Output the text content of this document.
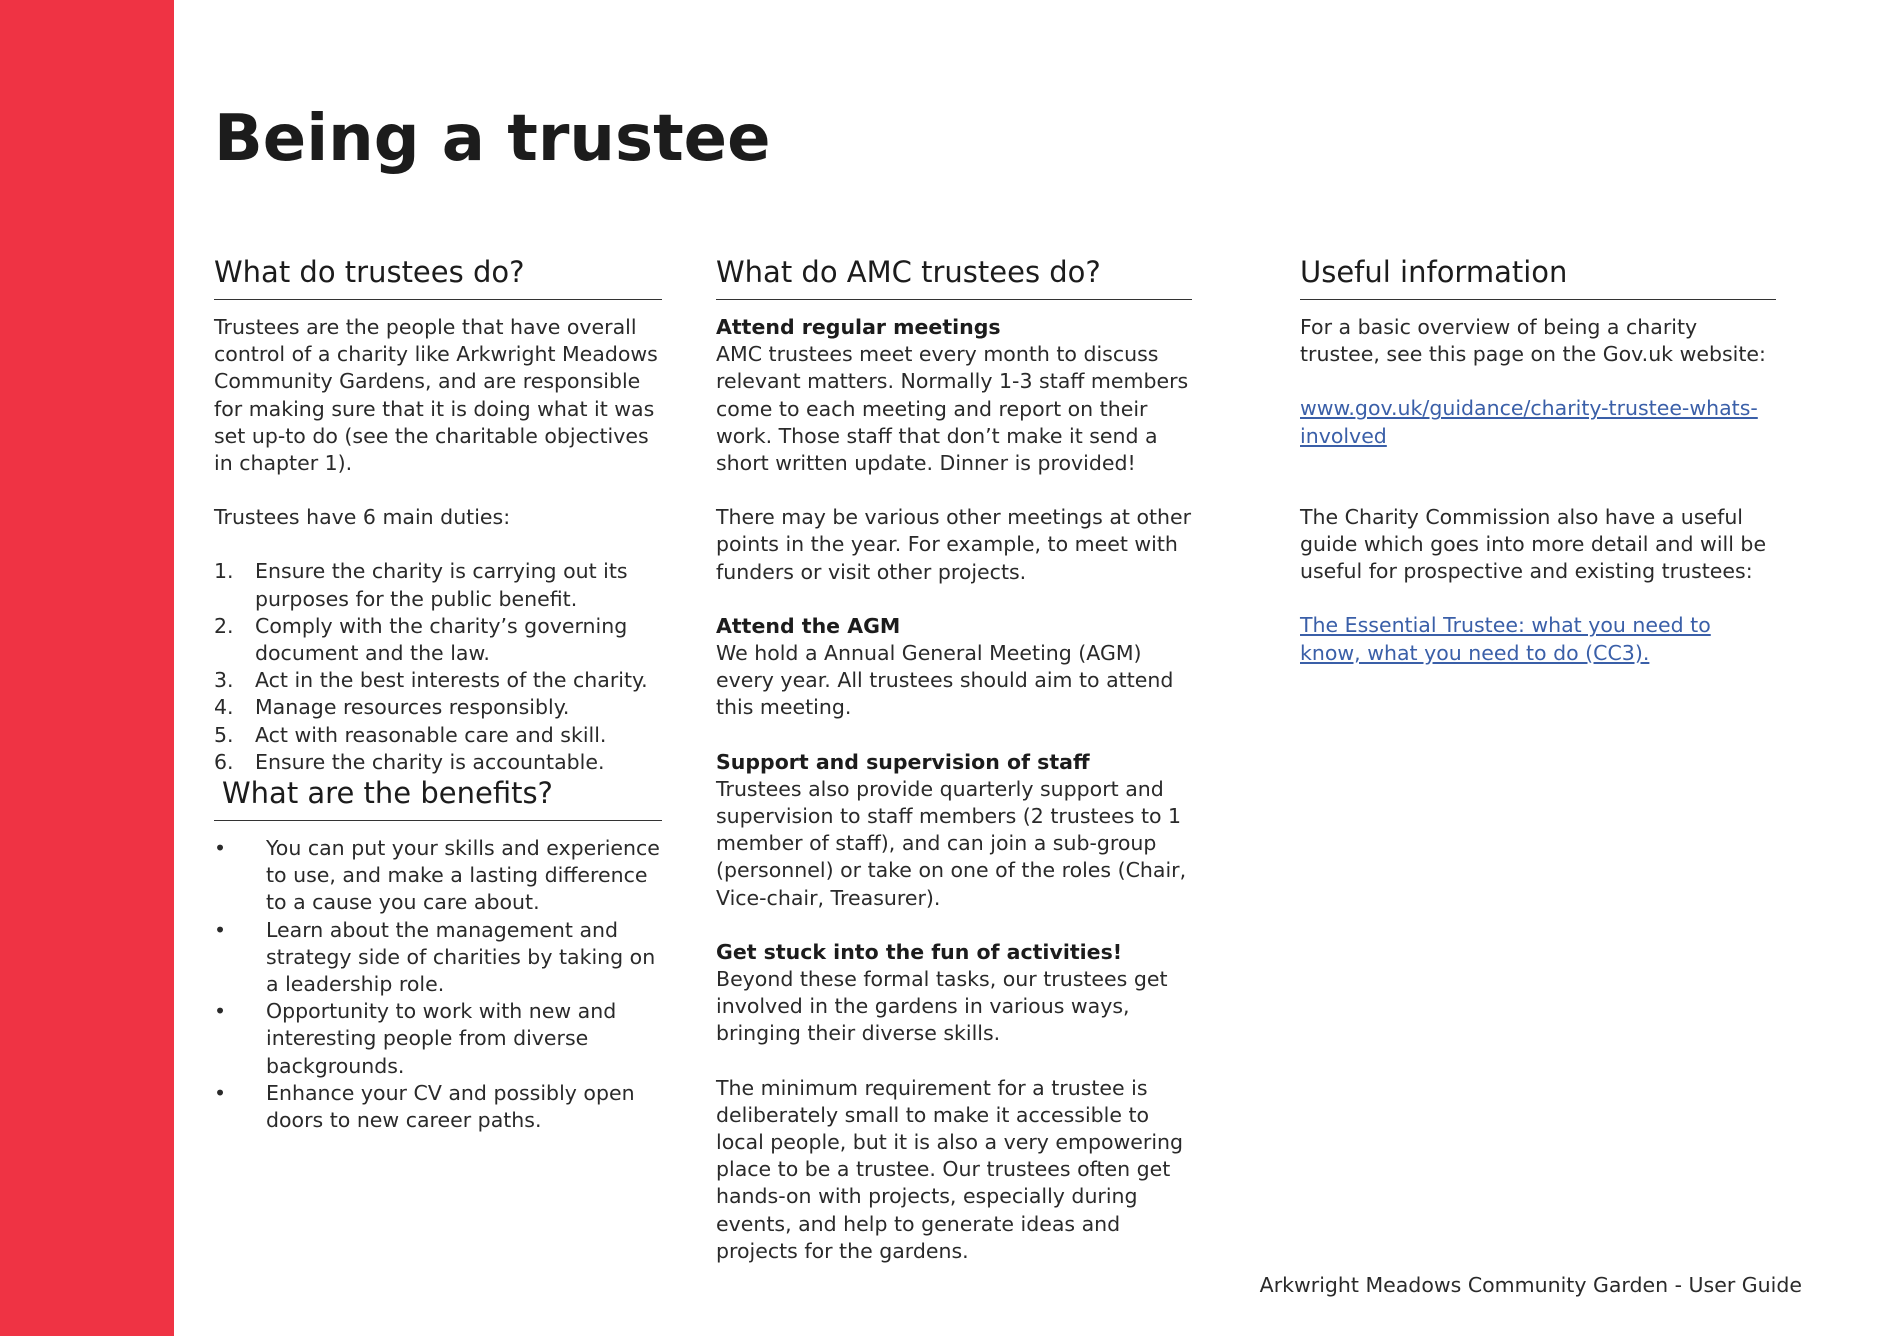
Being a trustee
What do trustees do?

Trustees are the people that have overall control of a charity like Arkwright Meadows Community Gardens, and are responsible for making sure that it is doing what it was set up-to do (see the charitable objectives in chapter 1).

Trustees have 6 main duties:

1. Ensure the charity is carrying out its purposes for the public benefit.
2. Comply with the charity’s governing document and the law.
3. Act in the best interests of the charity.
4. Manage resources responsibly.
5. Act with reasonable care and skill.
6. Ensure the charity is accountable.
What are the benefits?
• You can put your skills and experience to use, and make a lasting difference to a cause you care about.
• Learn about the management and strategy side of charities by taking on a leadership role.
• Opportunity to work with new and interesting people from diverse backgrounds.
• Enhance your CV and possibly open doors to new career paths.
What do AMC trustees do?

Attend regular meetings

AMC trustees meet every month to discuss relevant matters. Normally 1-3 staff members come to each meeting and report on their work. Those staff that don’t make it send a short written update. Dinner is provided!

There may be various other meetings at other points in the year. For example, to meet with funders or visit other projects.

Attend the AGM

We hold a Annual General Meeting (AGM) every year. All trustees should aim to attend this meeting.

Support and supervision of staff

Trustees also provide quarterly support and supervision to staff members (2 trustees to 1 member of staff), and can join a sub-group (personnel) or take on one of the roles (Chair, Vice-chair, Treasurer).

Get stuck into the fun of activities!

Beyond these formal tasks, our trustees get involved in the gardens in various ways, bringing their diverse skills.

The minimum requirement for a trustee is deliberately small to make it accessible to local people, but it is also a very empowering place to be a trustee. Our trustees often get hands-on with projects, especially during events, and help to generate ideas and projects for the gardens.

Useful information

For a basic overview of being a charity trustee, see this page on the Gov.uk website:

www.gov.uk/guidance/charity-trustee-whats-involved

The Charity Commission also have a useful guide which goes into more detail and will be useful for prospective and existing trustees:

The Essential Trustee: what you need to know, what you need to do (CC3).

Arkwright Meadows Community Garden - User Guide
